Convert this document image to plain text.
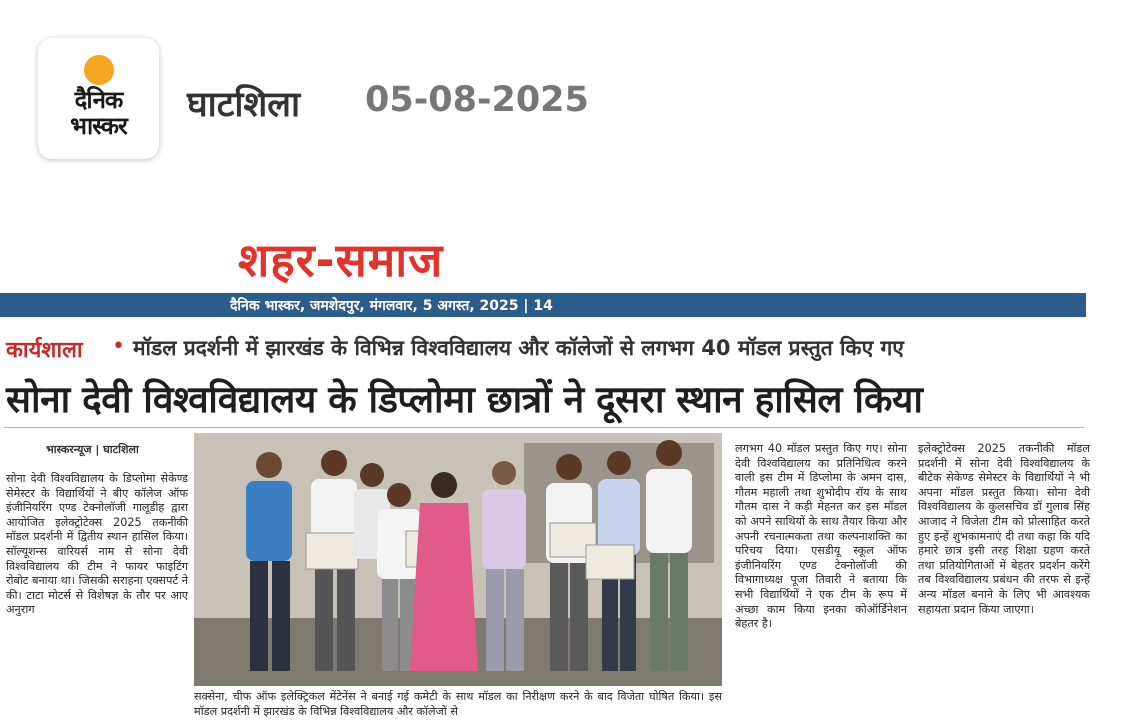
दैनिक
भास्कर
घाटशिला 05-08-2025
शहर-समाज
दैनिक भास्कर, जमशेदपुर, मंगलवार, 5 अगस्त, 2025 | 14
कार्यशाला • मॉडल प्रदर्शनी में झारखंड के विभिन्न विश्वविद्यालय और कॉलेजों से लगभग 40 मॉडल प्रस्तुत किए गए
सोना देवी विश्वविद्यालय के डिप्लोमा छात्रों ने दूसरा स्थान हासिल किया
भास्करन्यूज | घाटशिला

सोना देवी विश्वविद्यालय के डिप्लोमा सेकेण्ड सेमेस्टर के विद्यार्थियों ने बीए कॉलेज ऑफ इंजीनियरिंग एण्ड टेक्नोलॉजी गालूडीह द्वारा आयोजित इलेक्ट्रोटेक्स 2025 तकनीकी मॉडल प्रदर्शनी में द्वितीय स्थान हासिल किया। सॉल्यूशन्स वारियर्स नाम से सोना देवी विश्वविद्यालय की टीम ने फायर फाइटिंग रोबोट बनाया था। जिसकी सराहना एक्सपर्ट ने की। टाटा मोटर्स से विशेषज्ञ के तौर पर आए अनुराग

सक्सेना, चीफ ऑफ इलेक्ट्रिकल मेंटेनेंस ने बनाई गई कमेटी के साथ मॉडल का निरीक्षण करने के बाद विजेता घोषित किया। इस मॉडल प्रदर्शनी में झारखंड के विभिन्न विश्वविद्यालय और कॉलेजों से

लगभग 40 मॉडल प्रस्तुत किए गए। सोना देवी विश्वविद्यालय का प्रतिनिधित्व करने वाली इस टीम में डिप्लोमा के अमन दास, गौतम महाली तथा शुभोदीप रॉय के साथ गौतम दास ने कड़ी मेहनत कर इस मॉडल को अपने साथियों के साथ तैयार किया और अपनी रचनात्मकता तथा कल्पनाशक्ति का परिचय दिया। एसडीयू स्कूल ऑफ इंजीनियरिंग एण्ड टेक्नोलॉजी की विभागाध्यक्ष पूजा तिवारी ने बताया कि सभी विद्यार्थियों ने एक टीम के रूप में अच्छा काम किया इनका कोऑर्डिनेशन बेहतर है।

इलेक्ट्रोटेक्स 2025 तकनीकी मॉडल प्रदर्शनी में सोना देवी विश्वविद्यालय के बीटेक सेकेण्ड सेमेस्टर के विद्यार्थियों ने भी अपना मॉडल प्रस्तुत किया। सोना देवी विश्वविद्यालय के कुलसचिव डॉ गुलाब सिंह आजाद ने विजेता टीम को प्रोत्साहित करते हुए इन्हें शुभकामनाएं दी तथा कहा कि यदि हमारे छात्र इसी तरह शिक्षा ग्रहण करते तथा प्रतियोगिताओं में बेहतर प्रदर्शन करेंगे तब विश्वविद्यालय प्रबंधन की तरफ से इन्हें अन्य मॉडल बनाने के लिए भी आवश्यक सहायता प्रदान किया जाएगा।
